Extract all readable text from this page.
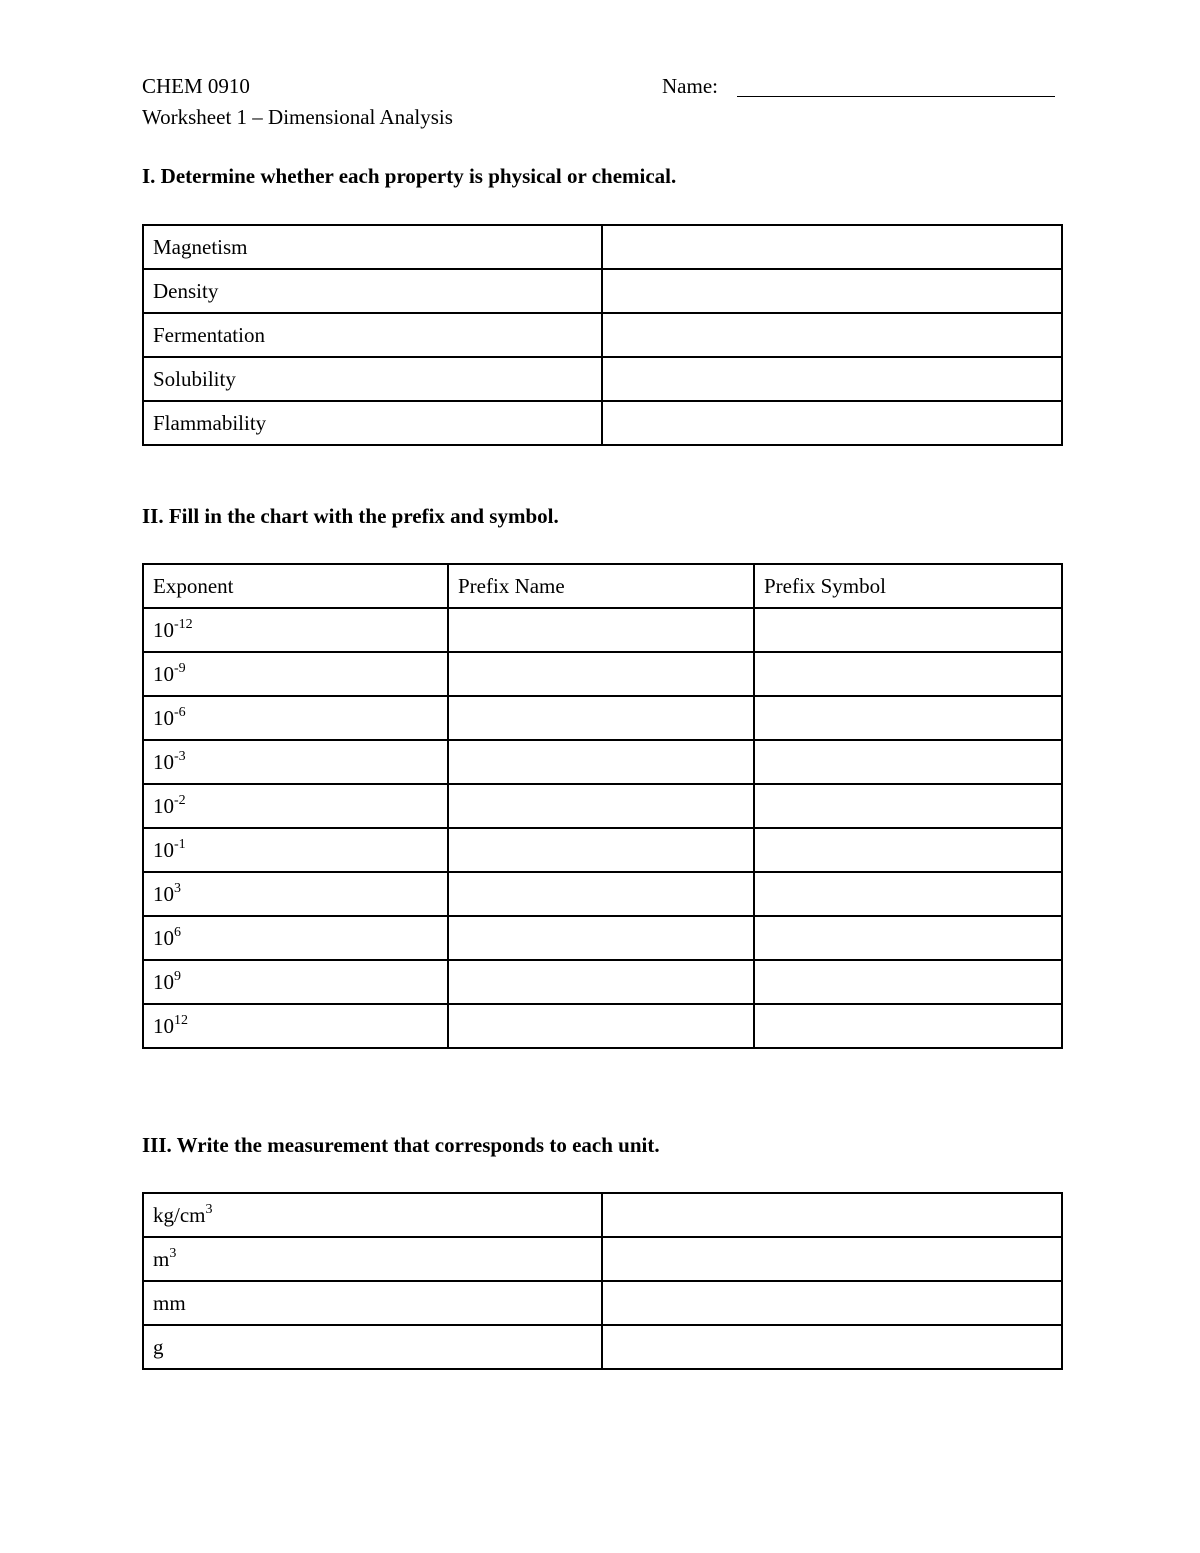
CHEM 0910
Worksheet 1 – Dimensional Analysis
Name:
I. Determine whether each property is physical or chemical.
Magnetism	
Density	
Fermentation	
Solubility	
Flammability	
II. Fill in the chart with the prefix and symbol.
Exponent	Prefix Name	Prefix Symbol
$10^{-12}$		
$10^{-9}$		
$10^{-6}$		
$10^{-3}$		
$10^{-2}$		
$10^{-1}$		
$10^3$		
$10^6$		
$10^9$		
$10^{12}$		
III. Write the measurement that corresponds to each unit.
$kg/cm^3$	
$m^3$	
mm	
g	
